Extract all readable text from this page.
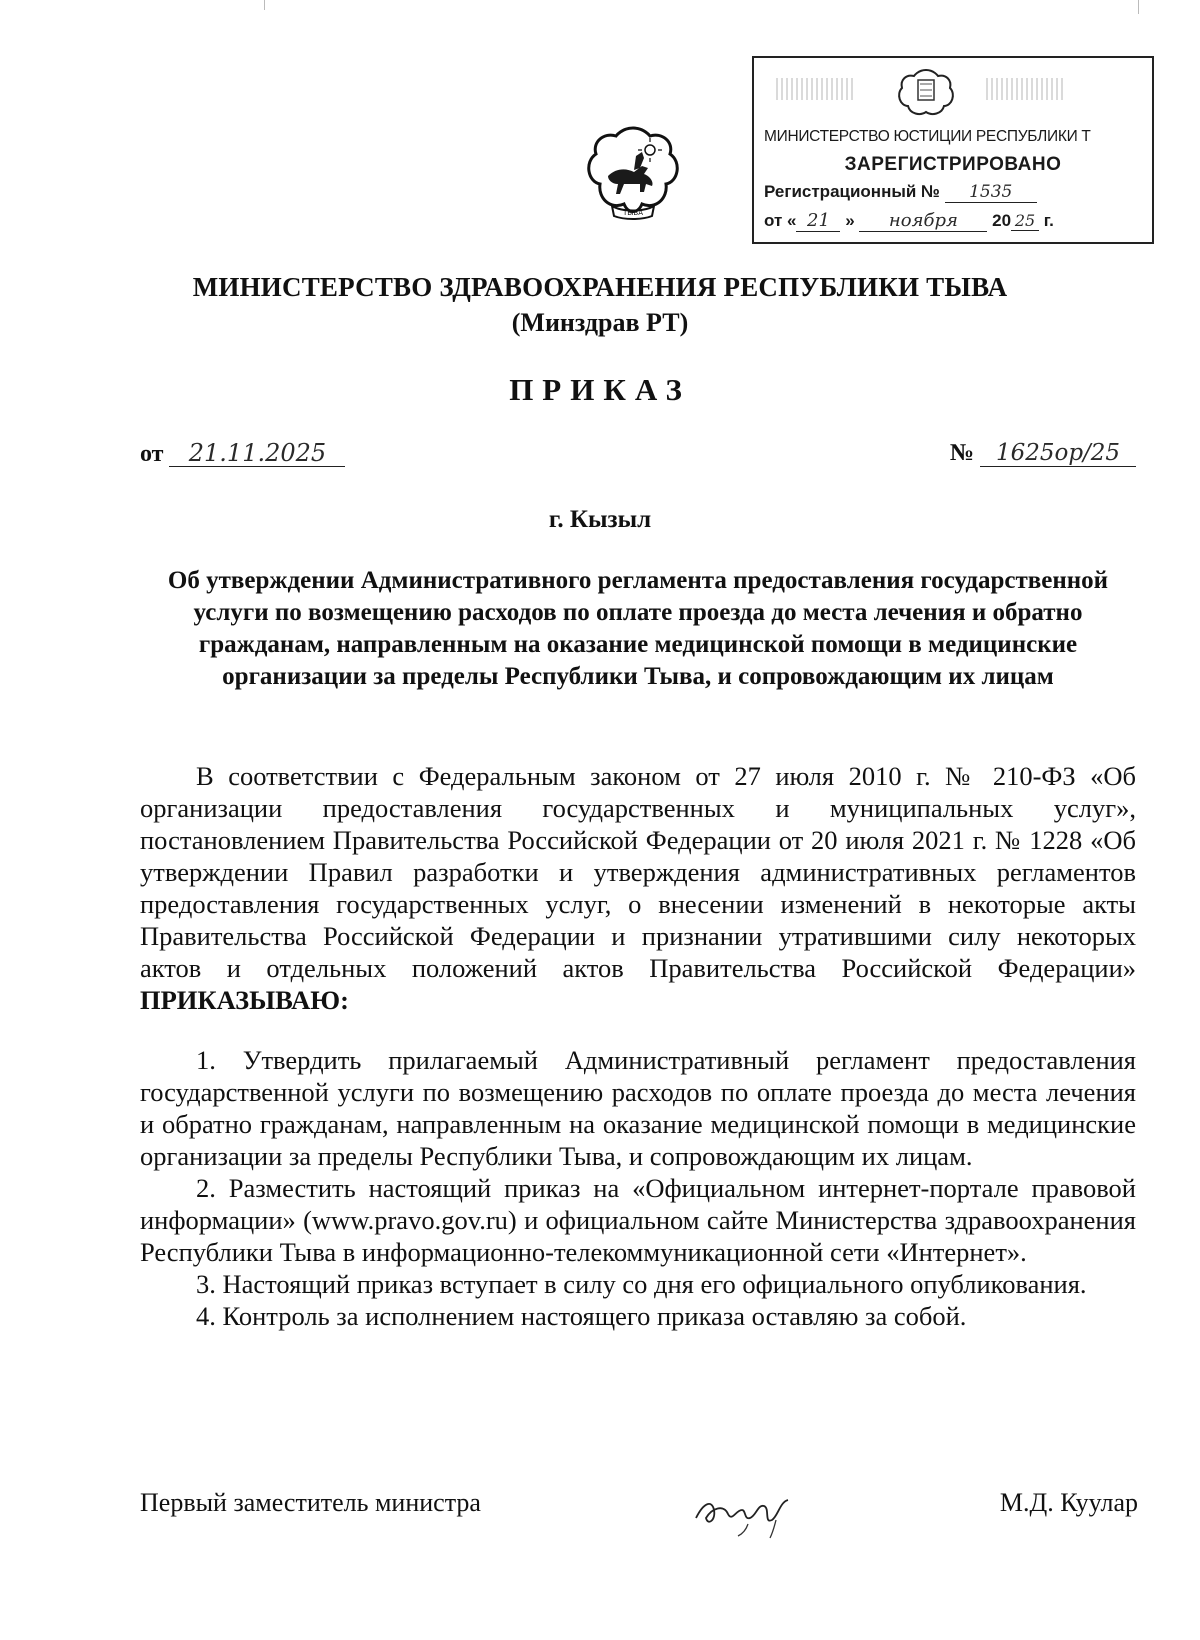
МИНИСТЕРСТВО ЮСТИЦИИ РЕСПУБЛИКИ Т
ЗАРЕГИСТРИРОВАНО
Регистрационный № 1535
от « 21 » ноября 20 25 г.
ТЫВА
МИНИСТЕРСТВО ЗДРАВООХРАНЕНИЯ РЕСПУБЛИКИ ТЫВА
(Минздрав РТ)
ПРИКАЗ
от 21.11.2025	№ 1625ор/25
г. Кызыл
Об утверждении Административного регламента предоставления государственной услуги по возмещению расходов по оплате проезда до места лечения и обратно гражданам, направленным на оказание медицинской помощи в медицинские организации за пределы Республики Тыва, и сопровождающим их лицам
В соответствии с Федеральным законом от 27 июля 2010 г. № 210-ФЗ «Об организации предоставления государственных и муниципальных услуг», постановлением Правительства Российской Федерации от 20 июля 2021 г. № 1228 «Об утверждении Правил разработки и утверждения административных регламентов предоставления государственных услуг, о внесении изменений в некоторые акты Правительства Российской Федерации и признании утратившими силу некоторых актов и отдельных положений актов Правительства Российской Федерации» ПРИКАЗЫВАЮ:

1. Утвердить прилагаемый Административный регламент предоставления государственной услуги по возмещению расходов по оплате проезда до места лечения и обратно гражданам, направленным на оказание медицинской помощи в медицинские организации за пределы Республики Тыва, и сопровождающим их лицам.

2. Разместить настоящий приказ на «Официальном интернет-портале правовой информации» (www.pravo.gov.ru) и официальном сайте Министерства здравоохранения Республики Тыва в информационно-телекоммуникационной сети «Интернет».

3. Настоящий приказ вступает в силу со дня его официального опубликования.

4. Контроль за исполнением настоящего приказа оставляю за собой.

Первый заместитель министра	М.Д. Куулар
